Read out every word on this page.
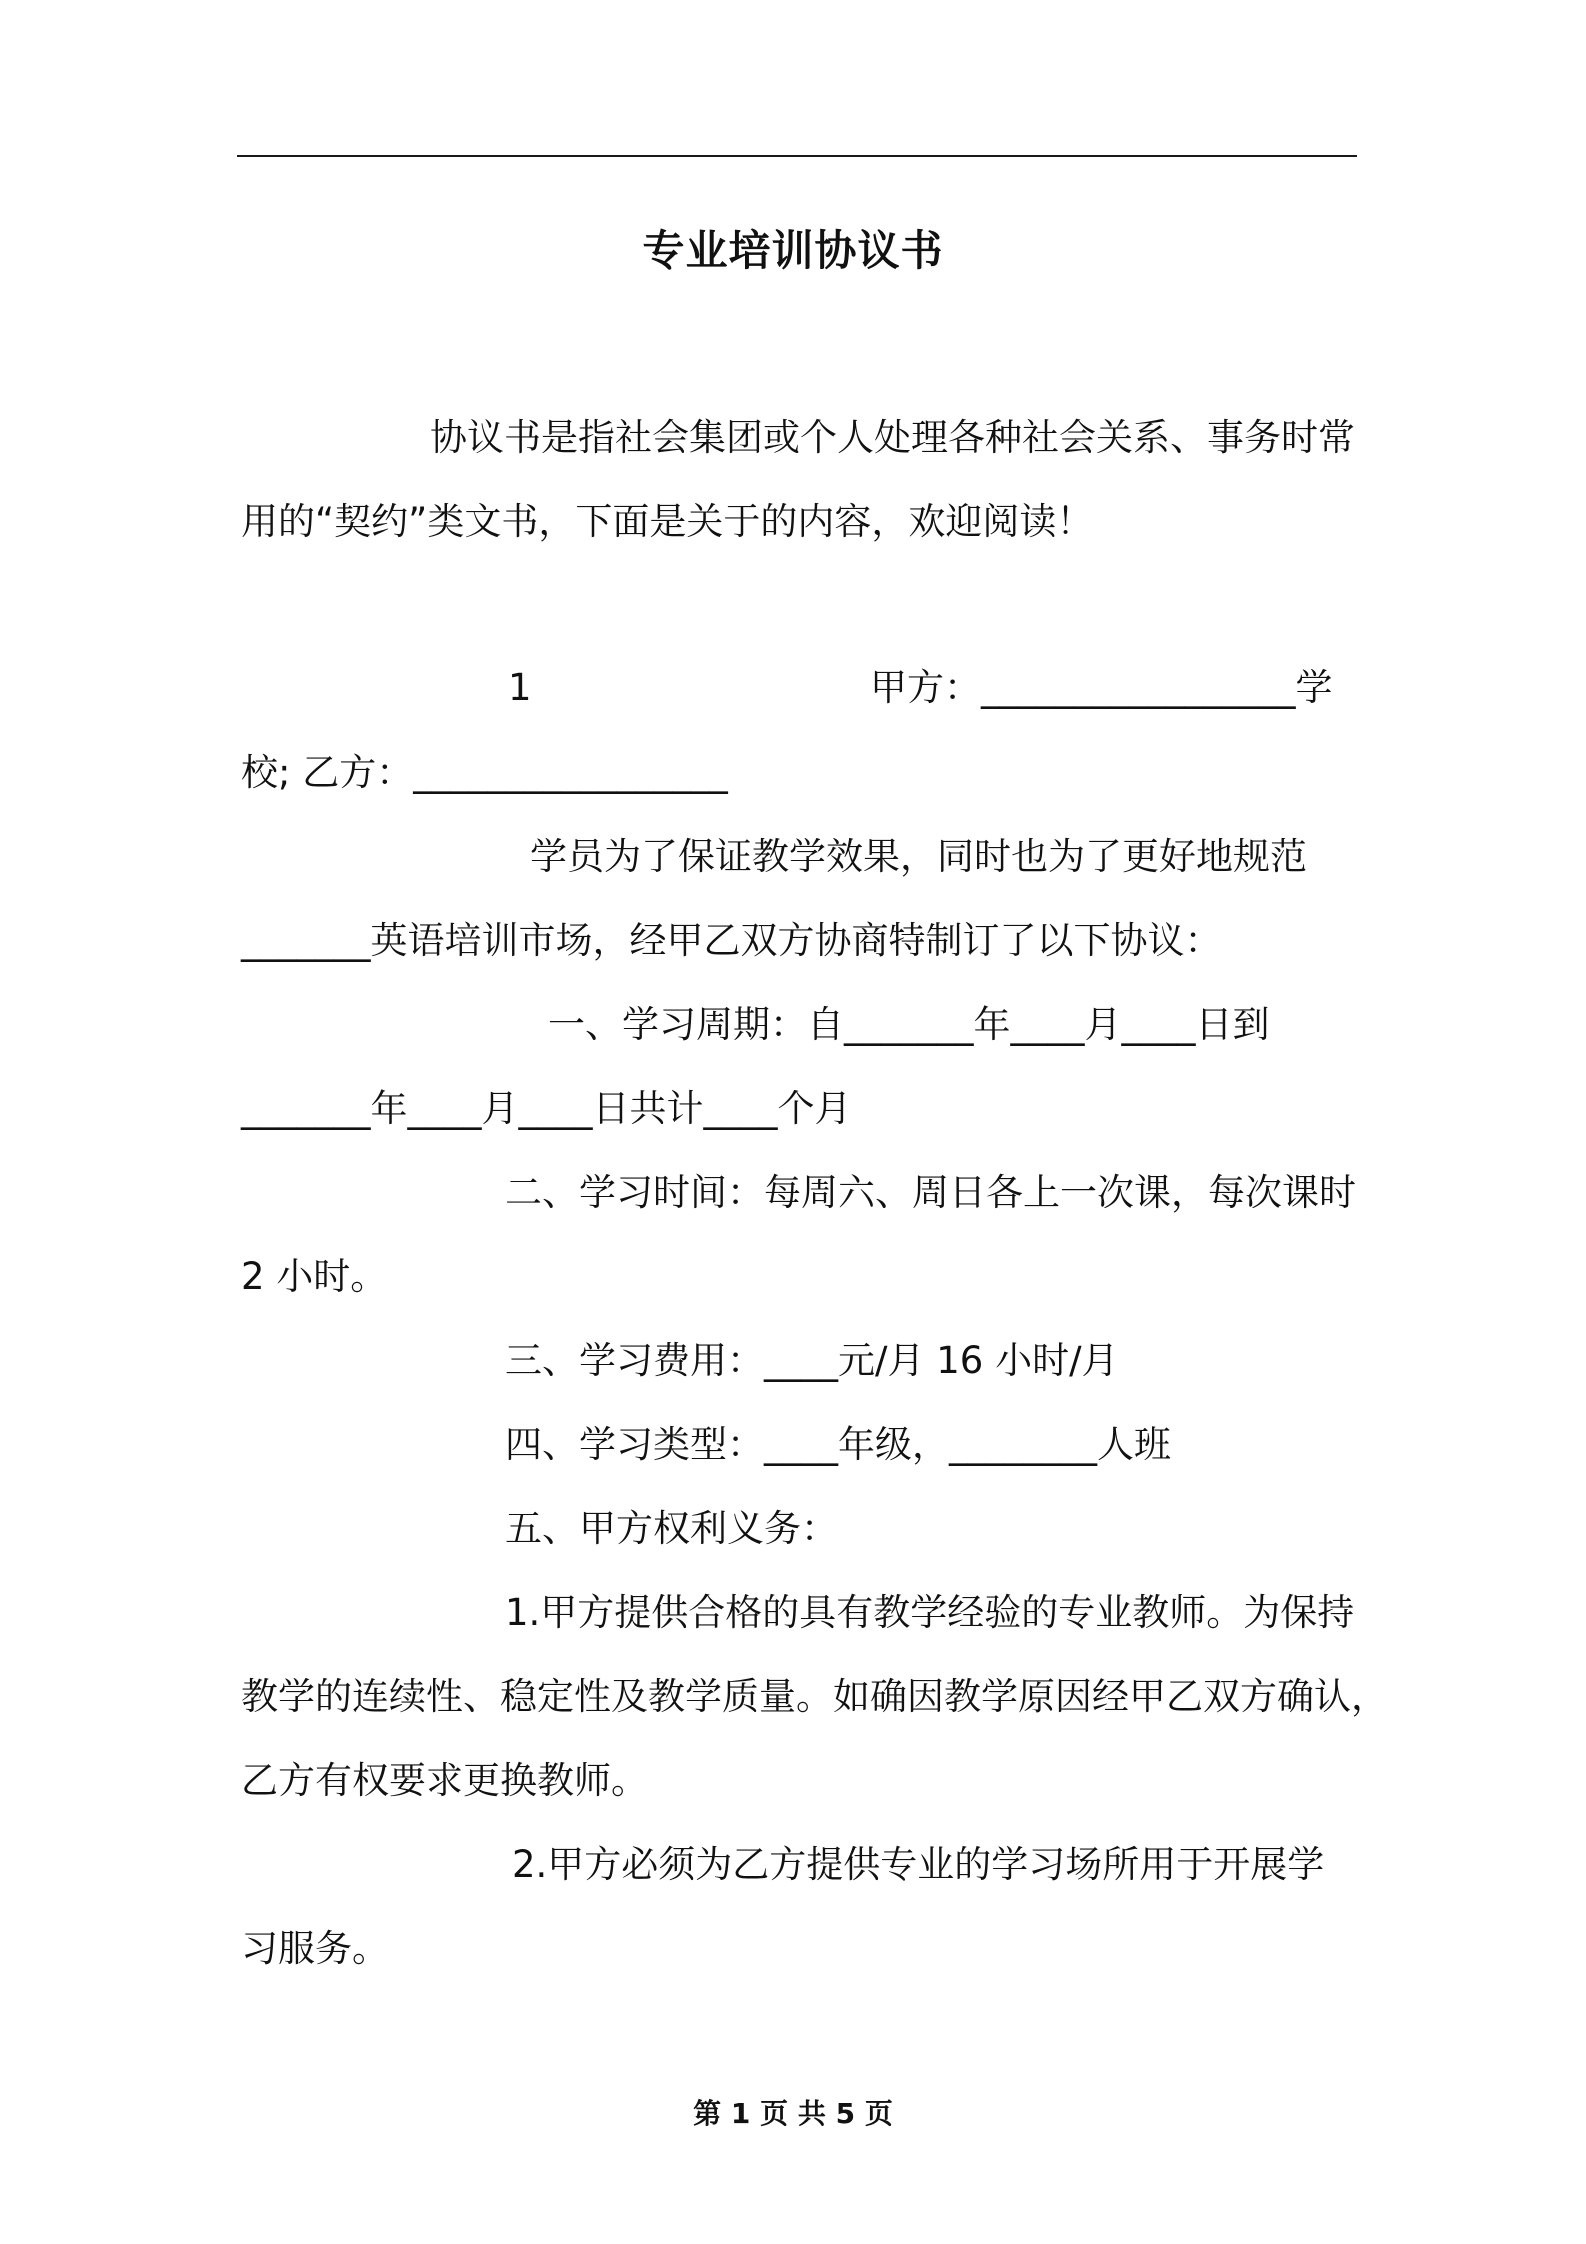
专业培训协议书
协议书是指社会集团或个人处理各种社会关系、事务时常
用的“契约”类文书，下面是关于的内容，欢迎阅读！
1	甲方：_________________学
校; 乙方：_________________
学员为了保证教学效果，同时也为了更好地规范
_______英语培训市场，经甲乙双方协商特制订了以下协议：
一、学习周期：自_______年____月____日到
_______年____月____日共计____个月
二、学习时间：每周六、周日各上一次课，每次课时
2 小时。
三、学习费用：____元/月 16 小时/月
四、学习类型：____年级，________人班
五、甲方权利义务：
1.甲方提供合格的具有教学经验的专业教师。为保持
教学的连续性、稳定性及教学质量。如确因教学原因经甲乙双方确认，
乙方有权要求更换教师。
2.甲方必须为乙方提供专业的学习场所用于开展学
习服务。
第 1 页 共 5 页
